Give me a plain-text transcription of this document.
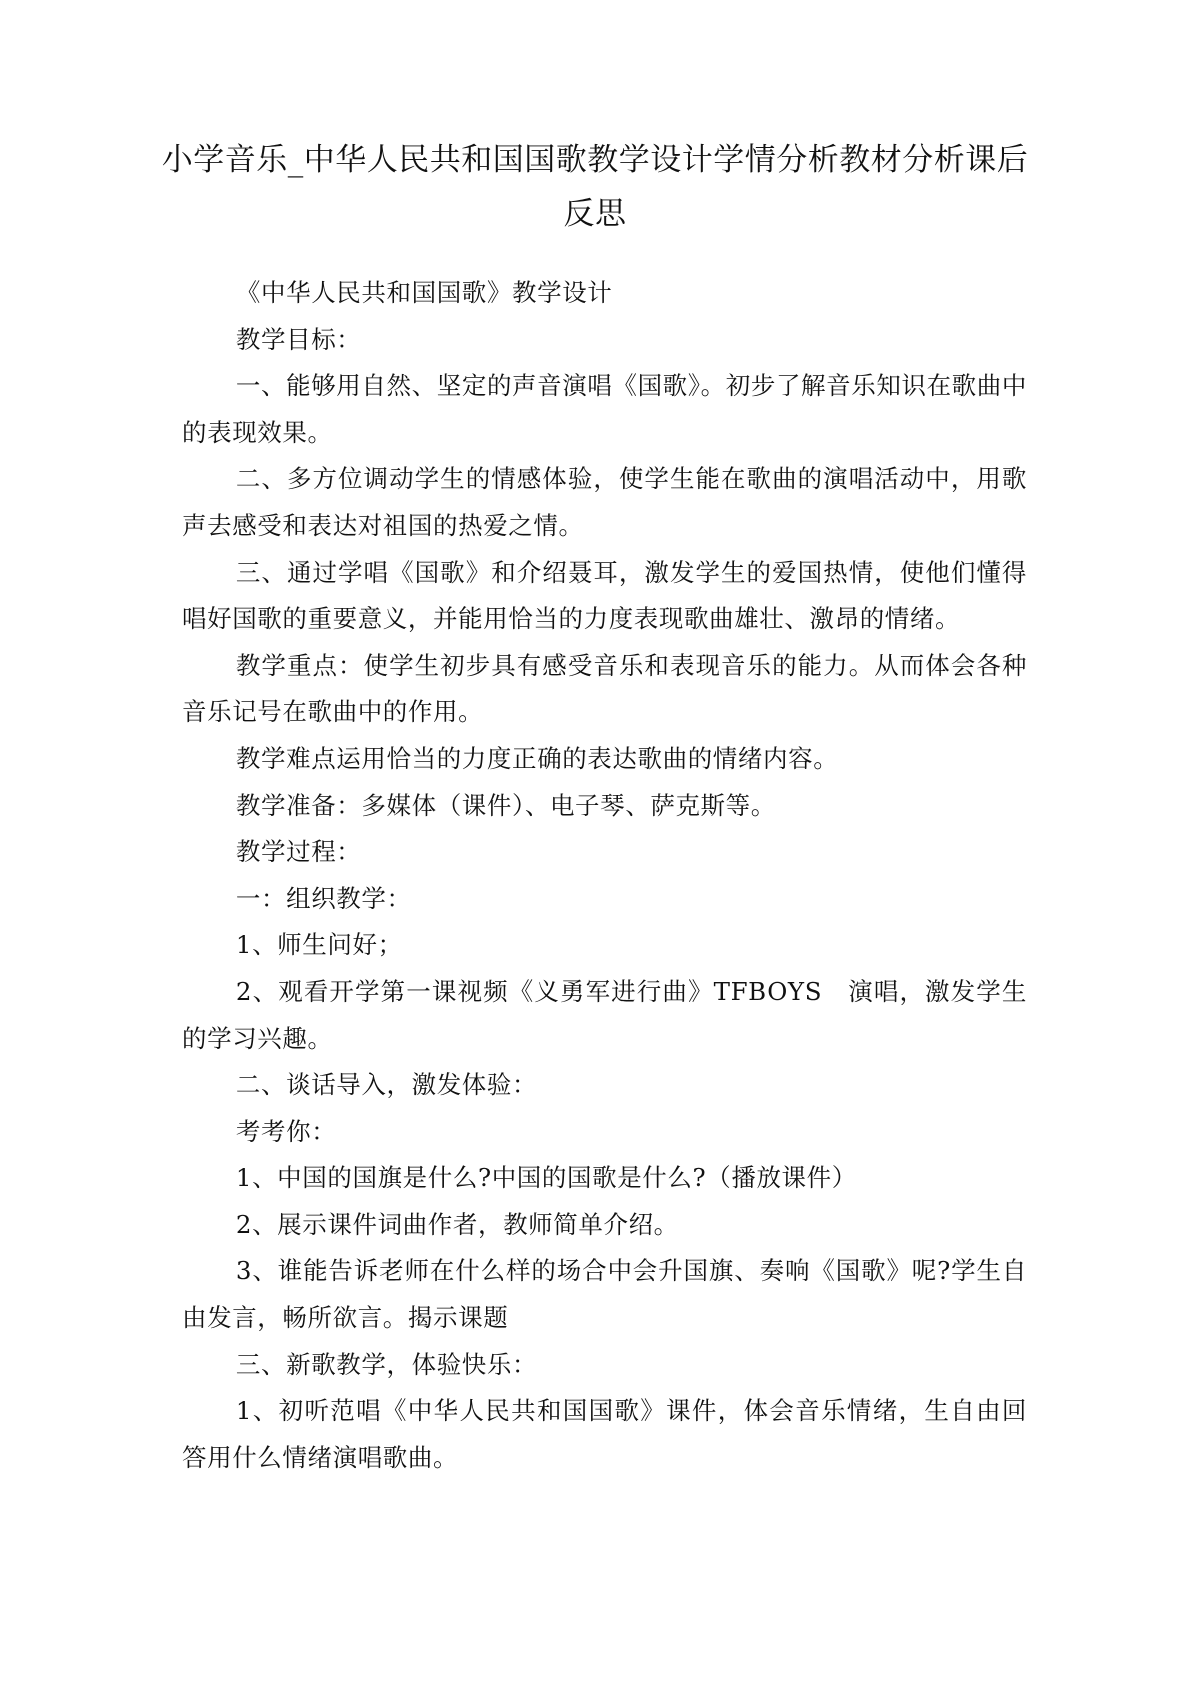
小学音乐_中华人民共和国国歌教学设计学情分析教材分析课后
反思

《中华人民共和国国歌》教学设计

教学目标：

一、能够用自然、坚定的声音演唱《国歌》。初步了解音乐知识在歌曲中的表现效果。

二、多方位调动学生的情感体验，使学生能在歌曲的演唱活动中，用歌声去感受和表达对祖国的热爱之情。

三、通过学唱《国歌》和介绍聂耳，激发学生的爱国热情，使他们懂得唱好国歌的重要意义，并能用恰当的力度表现歌曲雄壮、激昂的情绪。

教学重点：使学生初步具有感受音乐和表现音乐的能力。从而体会各种音乐记号在歌曲中的作用。

教学难点运用恰当的力度正确的表达歌曲的情绪内容。

教学准备：多媒体（课件）、电子琴、萨克斯等。

教学过程：

一：组织教学：

1、师生问好；

2、观看开学第一课视频《义勇军进行曲》TFBOYS　演唱，激发学生的学习兴趣。

二、谈话导入，激发体验：

考考你：

1、中国的国旗是什么?中国的国歌是什么?（播放课件）

2、展示课件词曲作者，教师简单介绍。

3、谁能告诉老师在什么样的场合中会升国旗、奏响《国歌》呢?学生自由发言，畅所欲言。揭示课题

三、新歌教学，体验快乐：

1、初听范唱《中华人民共和国国歌》课件，体会音乐情绪，生自由回答用什么情绪演唱歌曲。
